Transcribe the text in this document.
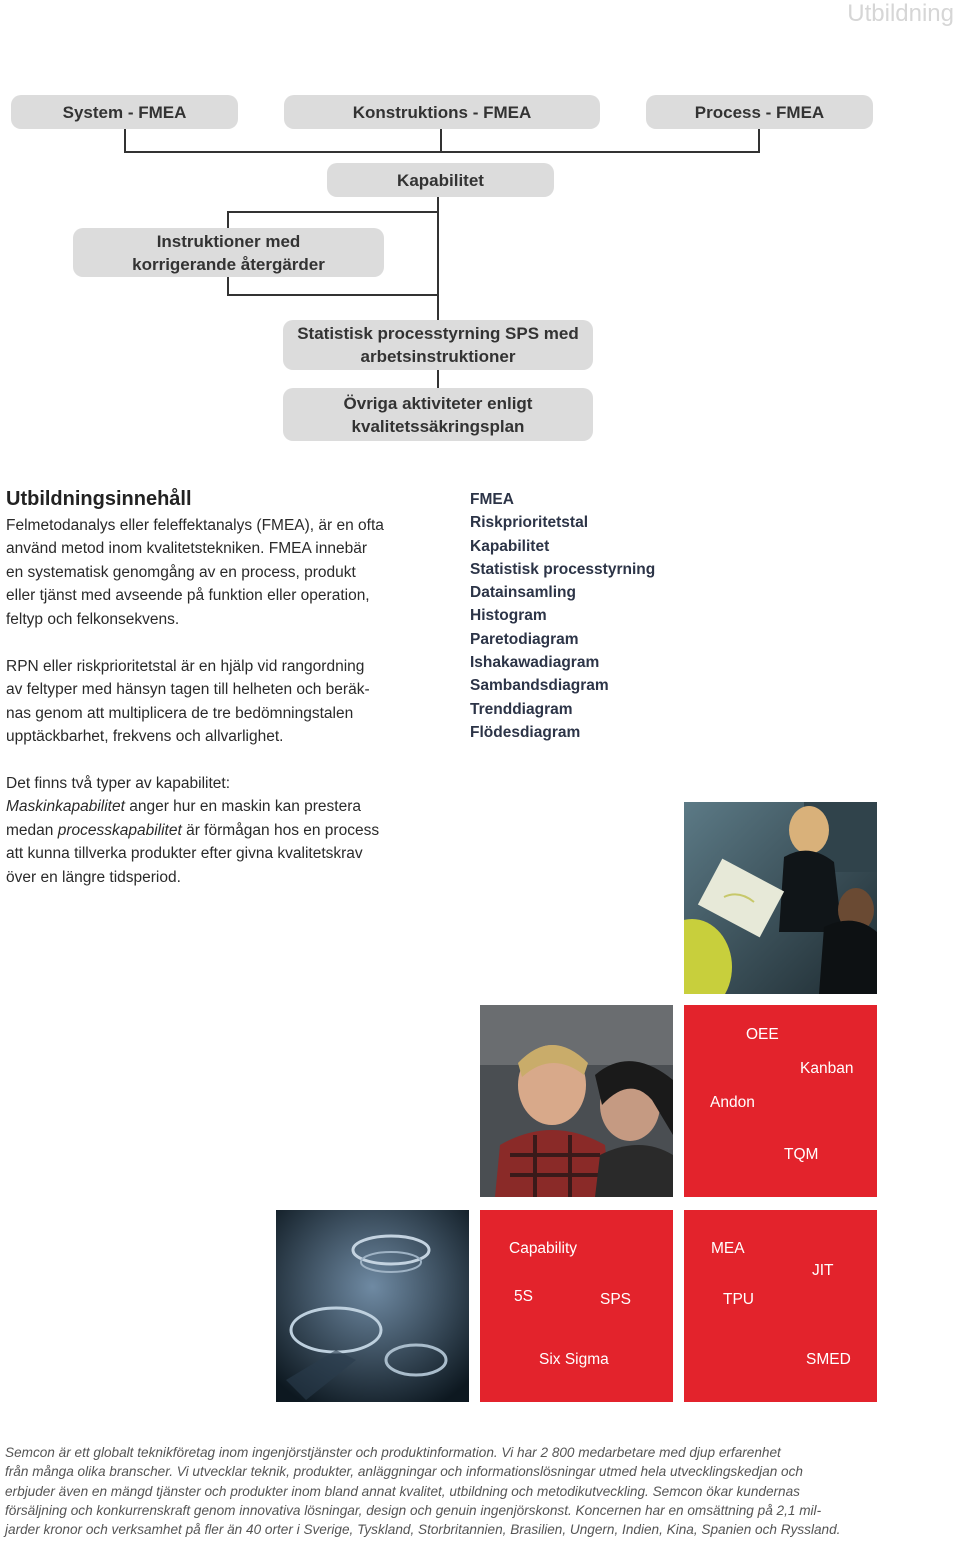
Utbildning
System - FMEA	Konstruktions - FMEA	Process - FMEA
Kapabilitet
Instruktioner med
korrigerande återgärder
Statistisk processtyrning SPS med
arbetsinstruktioner
Övriga aktiviteter enligt
kvalitetssäkringsplan
Utbildningsinnehåll
Felmetodanalys eller feleffektanalys (FMEA), är en ofta
använd metod inom kvalitetstekniken. FMEA innebär
en systematisk genomgång av en process, produkt
eller tjänst med avseende på funktion eller operation,
feltyp och felkonsekvens.
RPN eller riskprioritetstal är en hjälp vid rangordning
av feltyper med hänsyn tagen till helheten och beräk-
nas genom att multiplicera de tre bedömningstalen
upptäckbarhet, frekvens och allvarlighet.
Det finns två typer av kapabilitet:
Maskinkapabilitet anger hur en maskin kan prestera
medan processkapabilitet är förmågan hos en process
att kunna tillverka produkter efter givna kvalitetskrav
över en längre tidsperiod.
FMEA
Riskprioritetstal
Kapabilitet
Statistisk processtyrning
Datainsamling
Histogram
Paretodiagram
Ishakawadiagram
Sambandsdiagram
Trenddiagram
Flödesdiagram
OEE
Kanban
Andon
TQM
Capability
5S	SPS
Six Sigma
MEA
JIT
TPU
SMED
Semcon är ett globalt teknikföretag inom ingenjörstjänster och produktinformation. Vi har 2 800 medarbetare med djup erfarenhet
från många olika branscher. Vi utvecklar teknik, produkter, anläggningar och informationslösningar utmed hela utvecklingskedjan och
erbjuder även en mängd tjänster och produkter inom bland annat kvalitet, utbildning och metodikutveckling. Semcon ökar kundernas
försäljning och konkurrenskraft genom innovativa lösningar, design och genuin ingenjörskonst. Koncernen har en omsättning på 2,1 mil-
jarder kronor och verksamhet på fler än 40 orter i Sverige, Tyskland, Storbritannien, Brasilien, Ungern, Indien, Kina, Spanien och Ryssland.
